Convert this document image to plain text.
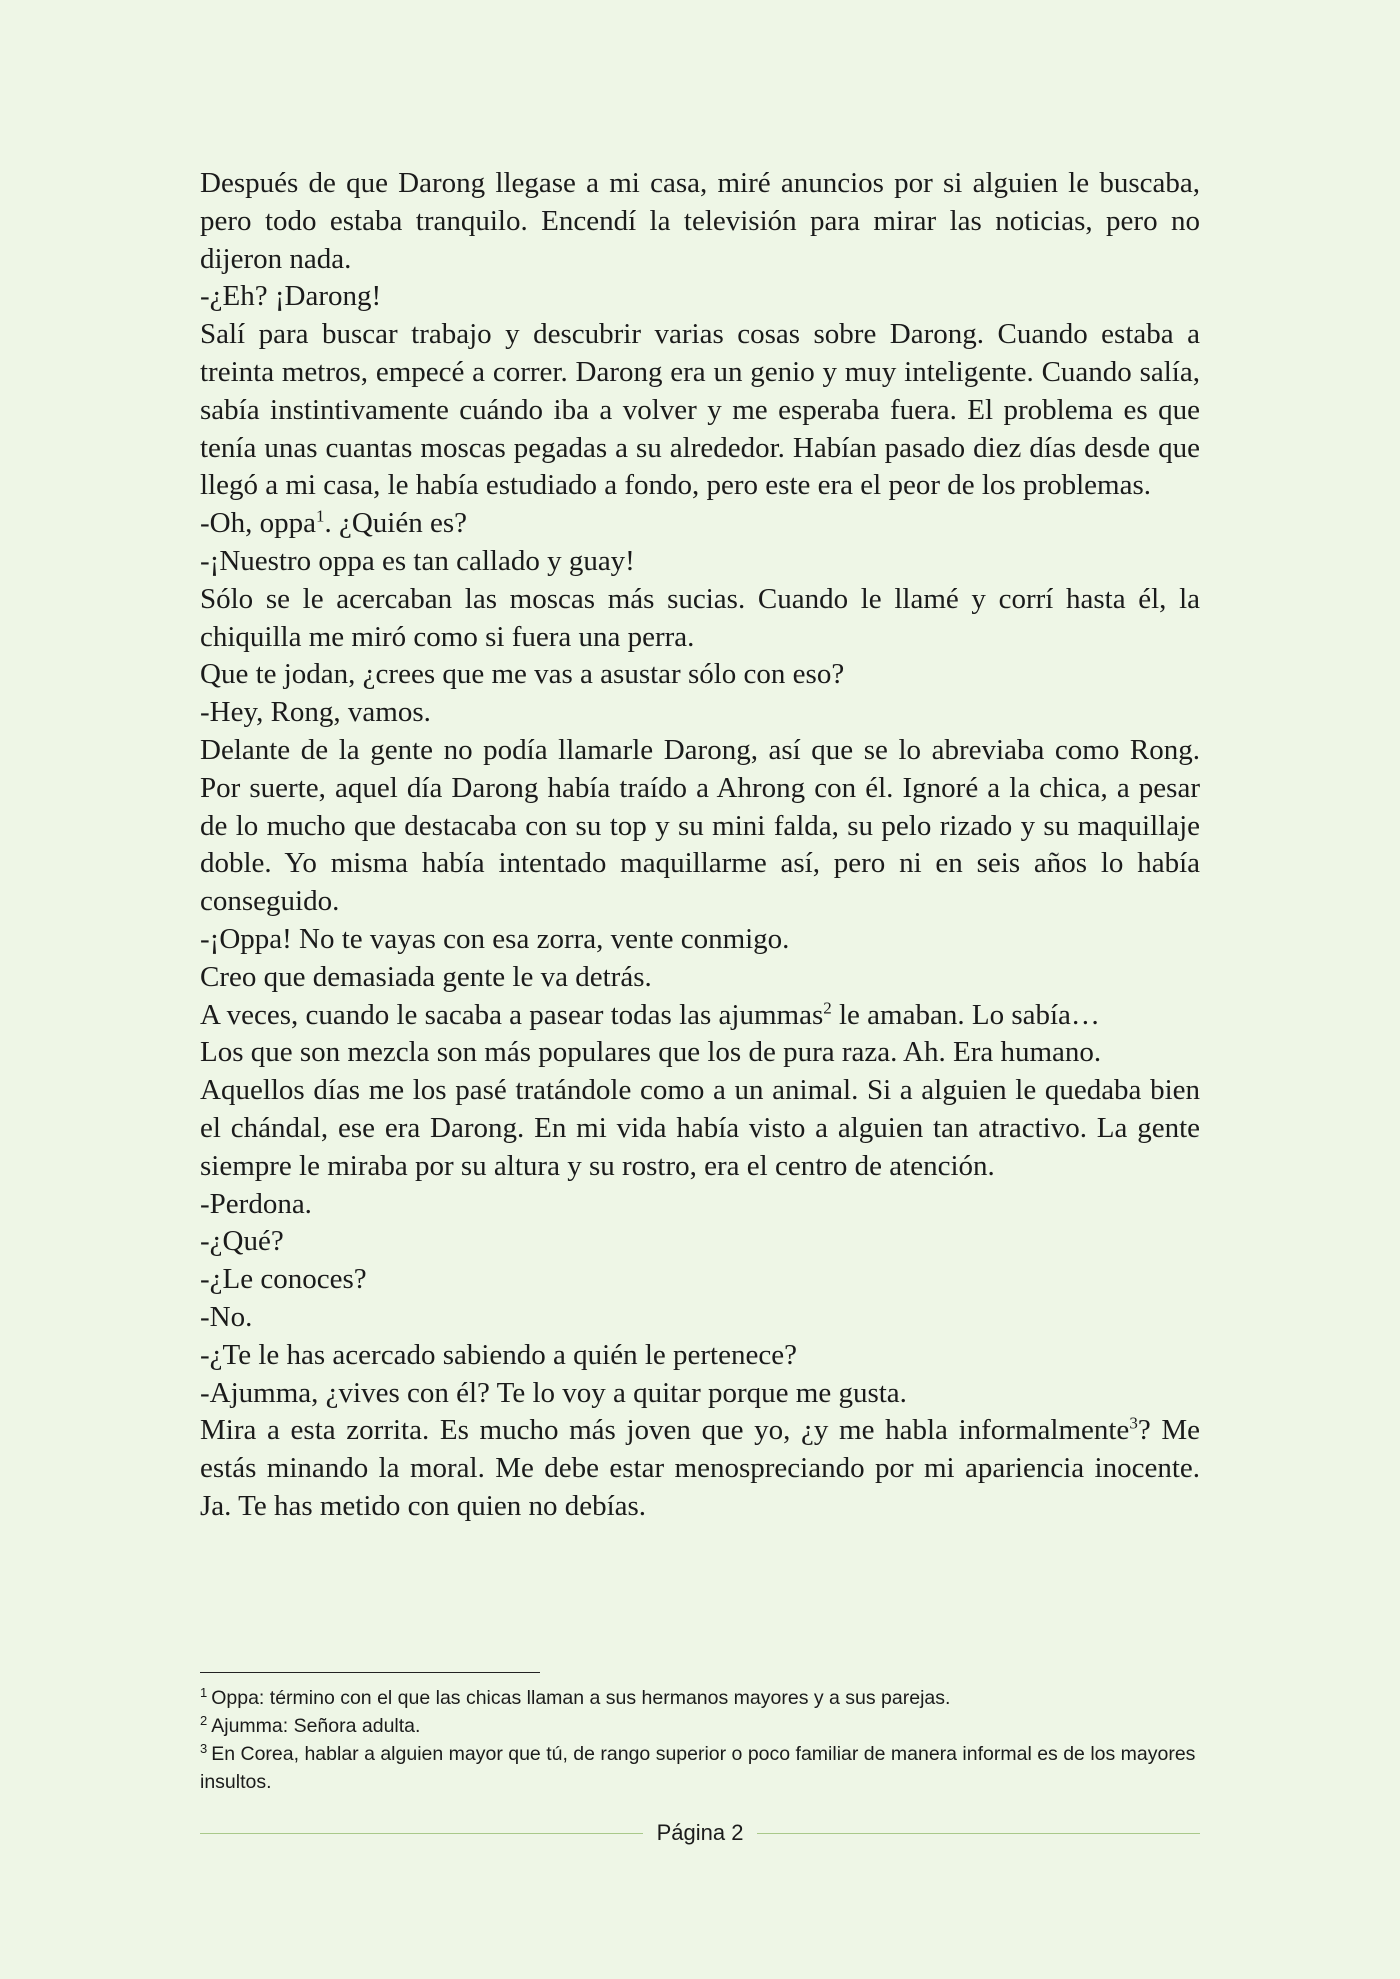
Después de que Darong llegase a mi casa, miré anuncios por si alguien le buscaba, pero todo estaba tranquilo. Encendí la televisión para mirar las noticias, pero no dijeron nada.

-¿Eh? ¡Darong!

Salí para buscar trabajo y descubrir varias cosas sobre Darong. Cuando estaba a treinta metros, empecé a correr. Darong era un genio y muy inteligente. Cuando salía, sabía instintivamente cuándo iba a volver y me esperaba fuera. El problema es que tenía unas cuantas moscas pegadas a su alrededor. Habían pasado diez días desde que llegó a mi casa, le había estudiado a fondo, pero este era el peor de los problemas.

-Oh, oppa$^1$. ¿Quién es?

-¡Nuestro oppa es tan callado y guay!

Sólo se le acercaban las moscas más sucias. Cuando le llamé y corrí hasta él, la chiquilla me miró como si fuera una perra.

Que te jodan, ¿crees que me vas a asustar sólo con eso?

-Hey, Rong, vamos.

Delante de la gente no podía llamarle Darong, así que se lo abreviaba como Rong. Por suerte, aquel día Darong había traído a Ahrong con él. Ignoré a la chica, a pesar de lo mucho que destacaba con su top y su mini falda, su pelo rizado y su maquillaje doble. Yo misma había intentado maquillarme así, pero ni en seis años lo había conseguido.

-¡Oppa! No te vayas con esa zorra, vente conmigo.

Creo que demasiada gente le va detrás.

A veces, cuando le sacaba a pasear todas las ajummas$^2$ le amaban. Lo sabía…

Los que son mezcla son más populares que los de pura raza. Ah. Era humano.

Aquellos días me los pasé tratándole como a un animal. Si a alguien le quedaba bien el chándal, ese era Darong. En mi vida había visto a alguien tan atractivo. La gente siempre le miraba por su altura y su rostro, era el centro de atención.

-Perdona.

-¿Qué?

-¿Le conoces?

-No.

-¿Te le has acercado sabiendo a quién le pertenece?

-Ajumma, ¿vives con él? Te lo voy a quitar porque me gusta.

Mira a esta zorrita. Es mucho más joven que yo, ¿y me habla informalmente$^3$? Me estás minando la moral. Me debe estar menospreciando por mi apariencia inocente. Ja. Te has metido con quien no debías.

$^1$ Oppa: término con el que las chicas llaman a sus hermanos mayores y a sus parejas.

$^2$ Ajumma: Señora adulta.

$^3$ En Corea, hablar a alguien mayor que tú, de rango superior o poco familiar de manera informal es de los mayores insultos.

Página 2
